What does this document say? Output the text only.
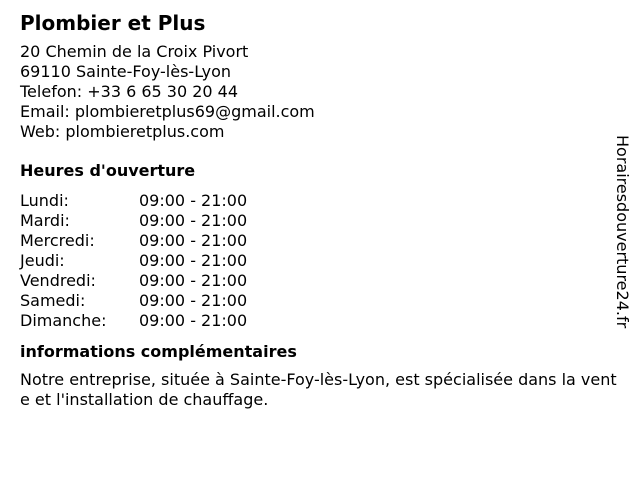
Plombier et Plus
20 Chemin de la Croix Pivort
69110 Sainte-Foy-lès-Lyon
Telefon: +33 6 65 30 20 44
Email: plombieretplus69@gmail.com
Web: plombieretplus.com
Heures d'ouverture
Lundi:	09:00 - 21:00
Mardi:	09:00 - 21:00
Mercredi:	09:00 - 21:00
Jeudi:	09:00 - 21:00
Vendredi:	09:00 - 21:00
Samedi:	09:00 - 21:00
Dimanche:	09:00 - 21:00
informations complémentaires
Notre entreprise, située à Sainte-Foy-lès-Lyon, est spécialisée dans la vente et l'installation de chauffage.
Horairesdouverture24.fr
